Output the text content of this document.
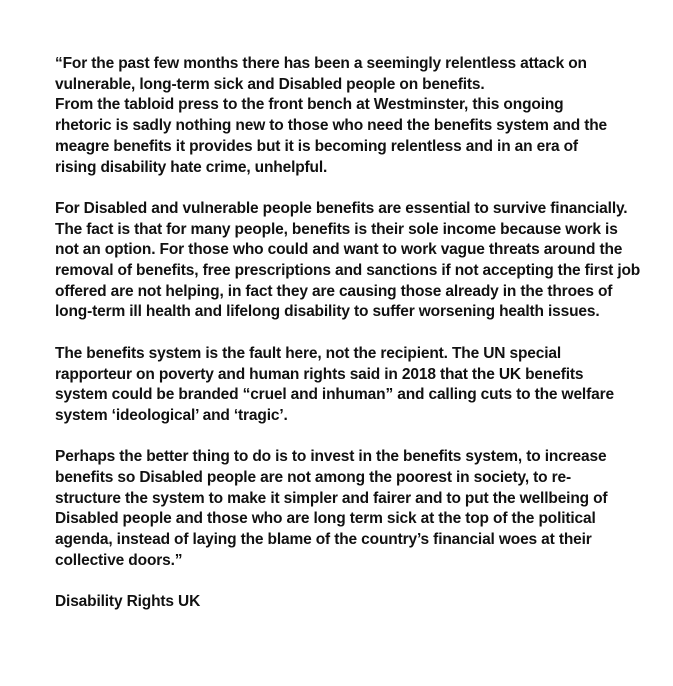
“For the past few months there has been a seemingly relentless attack on
vulnerable, long-term sick and Disabled people on benefits.
From the tabloid press to the front bench at Westminster, this ongoing
rhetoric is sadly nothing new to those who need the benefits system and the
meagre benefits it provides but it is becoming relentless and in an era of
rising disability hate crime, unhelpful.

For Disabled and vulnerable people benefits are essential to survive financially.
The fact is that for many people, benefits is their sole income because work is
not an option. For those who could and want to work vague threats around the
removal of benefits, free prescriptions and sanctions if not accepting the first job
offered are not helping, in fact they are causing those already in the throes of
long-term ill health and lifelong disability to suffer worsening health issues.

The benefits system is the fault here, not the recipient. The UN special
rapporteur on poverty and human rights said in 2018 that the UK benefits
system could be branded “cruel and inhuman” and calling cuts to the welfare
system ‘ideological’ and ‘tragic’.

Perhaps the better thing to do is to invest in the benefits system, to increase
benefits so Disabled people are not among the poorest in society, to re-
structure the system to make it simpler and fairer and to put the wellbeing of
Disabled people and those who are long term sick at the top of the political
agenda, instead of laying the blame of the country’s financial woes at their
collective doors.”

Disability Rights UK
